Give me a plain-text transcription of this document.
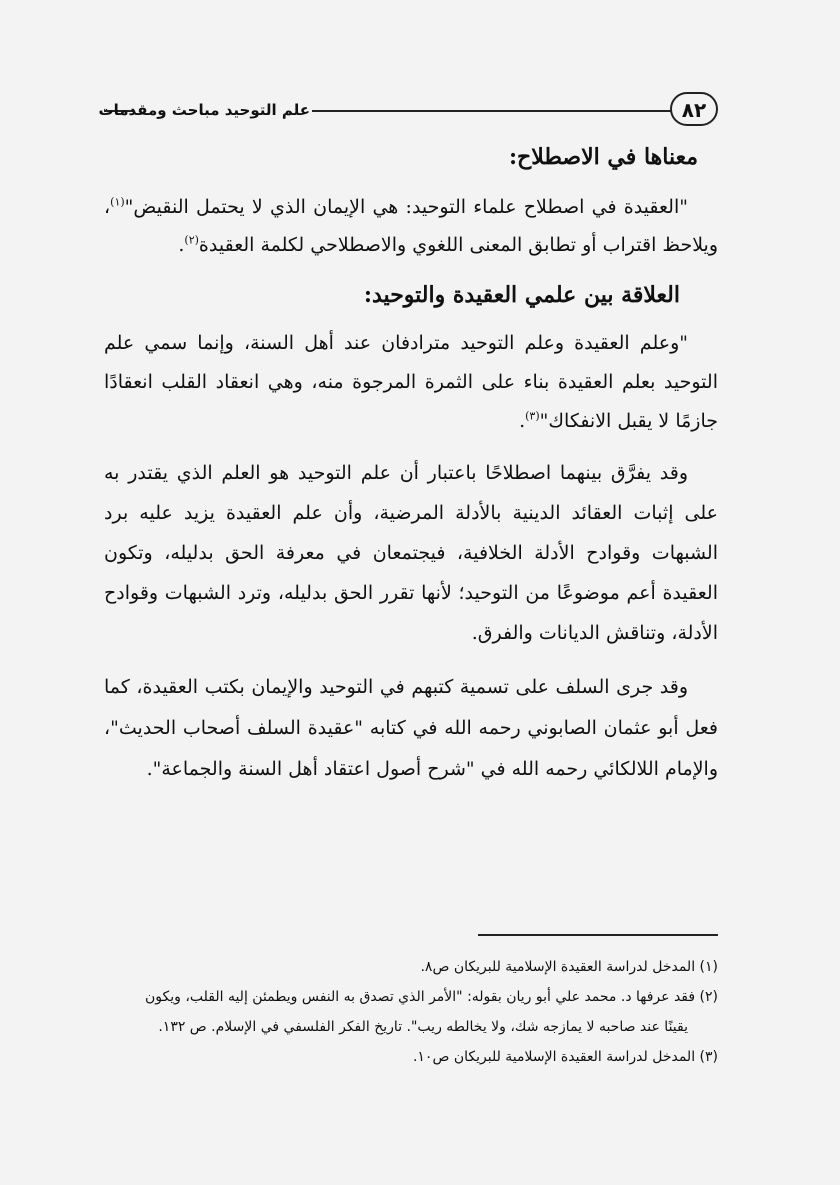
علم التوحيد مباحث ومقدمات	٨٢
معناها في الاصطلاح:

"العقيدة في اصطلاح علماء التوحيد: هي الإيمان الذي لا يحتمل النقيض"$^{(١)}$، ويلاحظ اقتراب أو تطابق المعنى اللغوي والاصطلاحي لكلمة العقيدة$^{(٢)}$.

العلاقة بين علمي العقيدة والتوحيد:

"وعلم العقيدة وعلم التوحيد مترادفان عند أهل السنة، وإنما سمي علم التوحيد بعلم العقيدة بناء على الثمرة المرجوة منه، وهي انعقاد القلب انعقادًا جازمًا لا يقبل الانفكاك"$^{(٣)}$.

وقد يفرَّق بينهما اصطلاحًا باعتبار أن علم التوحيد هو العلم الذي يقتدر به على إثبات العقائد الدينية بالأدلة المرضية، وأن علم العقيدة يزيد عليه برد الشبهات وقوادح الأدلة الخلافية، فيجتمعان في معرفة الحق بدليله، وتكون العقيدة أعم موضوعًا من التوحيد؛ لأنها تقرر الحق بدليله، وترد الشبهات وقوادح الأدلة، وتناقش الديانات والفرق.

وقد جرى السلف على تسمية كتبهم في التوحيد والإيمان بكتب العقيدة، كما فعل أبو عثمان الصابوني رحمه الله في كتابه "عقيدة السلف أصحاب الحديث"، والإمام اللالكائي رحمه الله في "شرح أصول اعتقاد أهل السنة والجماعة".

(١) المدخل لدراسة العقيدة الإسلامية للبريكان ص٨.

(٢) فقد عرفها د. محمد علي أبو ريان بقوله: "الأمر الذي تصدق به النفس ويطمئن إليه القلب، ويكون

يقينًا عند صاحبه لا يمازجه شك، ولا يخالطه ريب". تاريخ الفكر الفلسفي في الإسلام. ص ١٣٢.

(٣) المدخل لدراسة العقيدة الإسلامية للبريكان ص١٠.
